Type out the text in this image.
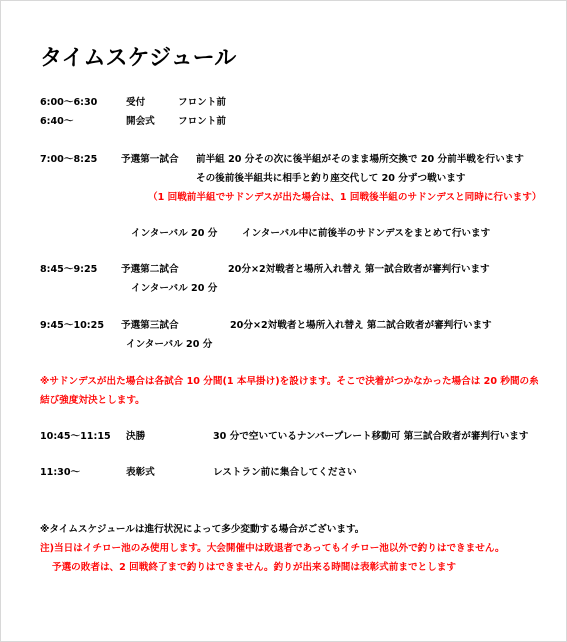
タイムスケジュール
6:00～6:30	受付	フロント前
6:40～	開会式 フロント前
7:00～8:25 予選第一試合 前半組 20 分その次に後半組がそのまま場所交換で 20 分前半戦を行います
その後前後半組共に相手と釣り座交代して 20 分ずつ戦います
（1 回戦前半組でサドンデスが出た場合は、1 回戦後半組のサドンデスと同時に行います）
インターバル 20 分	インターバル中に前後半のサドンデスをまとめて行います
8:45～9:25 予選第二試合	20分×2対戦者と場所入れ替え 第一試合敗者が審判行います
インターバル 20 分
9:45～10:25 予選第三試合	20分×2対戦者と場所入れ替え 第二試合敗者が審判行います
インターバル 20 分
※サドンデスが出た場合は各試合 10 分間(1 本早掛け)を設けます。そこで決着がつかなかった場合は 20 秒間の糸
結び強度対決とします。
10:45～11:15 決勝	30 分で空いているナンバープレート移動可 第三試合敗者が審判行います
11:30～	表彰式	レストラン前に集合してください
※タイムスケジュールは進行状況によって多少変動する場合がございます。
注)当日はイチロー池のみ使用します。大会開催中は敗退者であってもイチロー池以外で釣りはできません。
予選の敗者は、2 回戦終了まで釣りはできません。釣りが出来る時間は表彰式前までとします
